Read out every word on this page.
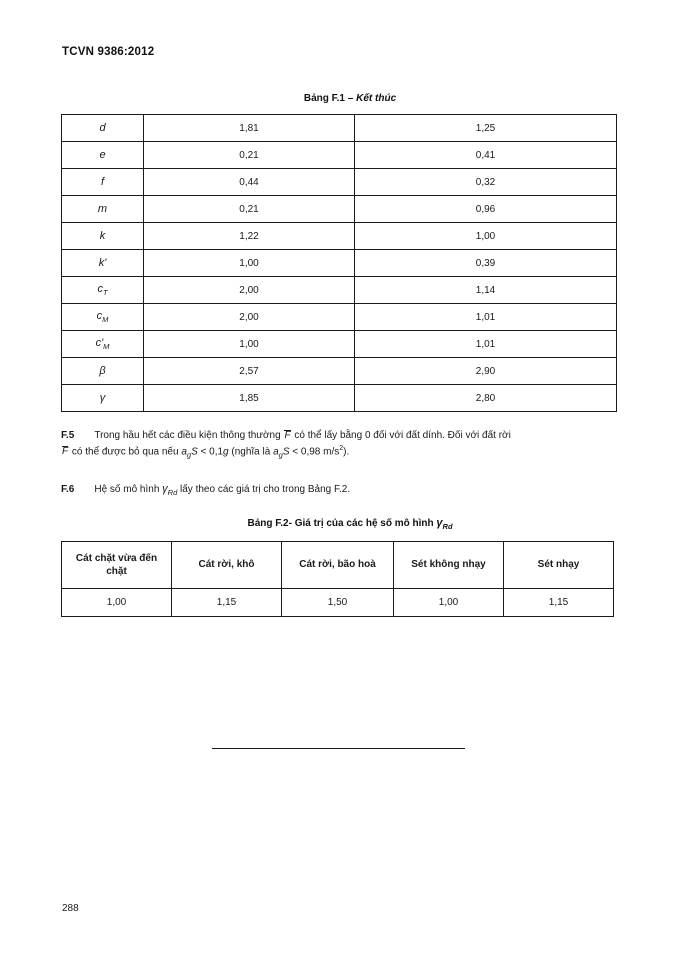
TCVN 9386:2012
Bảng F.1 – Kết thúc
d	1,81	1,25
e	0,21	0,41
f	0,44	0,32
m	0,21	0,96
k	1,22	1,00
k'	1,00	0,39
$c_T$	2,00	1,14
$c_M$	2,00	1,01
$c'_M$	1,00	1,01
β	2,57	2,90
γ	1,85	2,80
F.5 Trong hầu hết các điều kiện thông thường F có thể lấy bằng 0 đối với đất dính. Đối với đất rời
F có thể được bỏ qua nếu $a_gS < 0,1g$ (nghĩa là $a_gS < 0,98$ $m/s^2$).
F.6 Hệ số mô hình $\gamma_{Rd}$ lấy theo các giá trị cho trong Bảng F.2.
Bảng F.2- Giá trị của các hệ số mô hình $\gamma_{Rd}$
Cát chặt vừa đến chặt	Cát rời, khô	Cát rời, bão hoà	Sét không nhạy	Sét nhạy
1,00	1,15	1,50	1,00	1,15
288
